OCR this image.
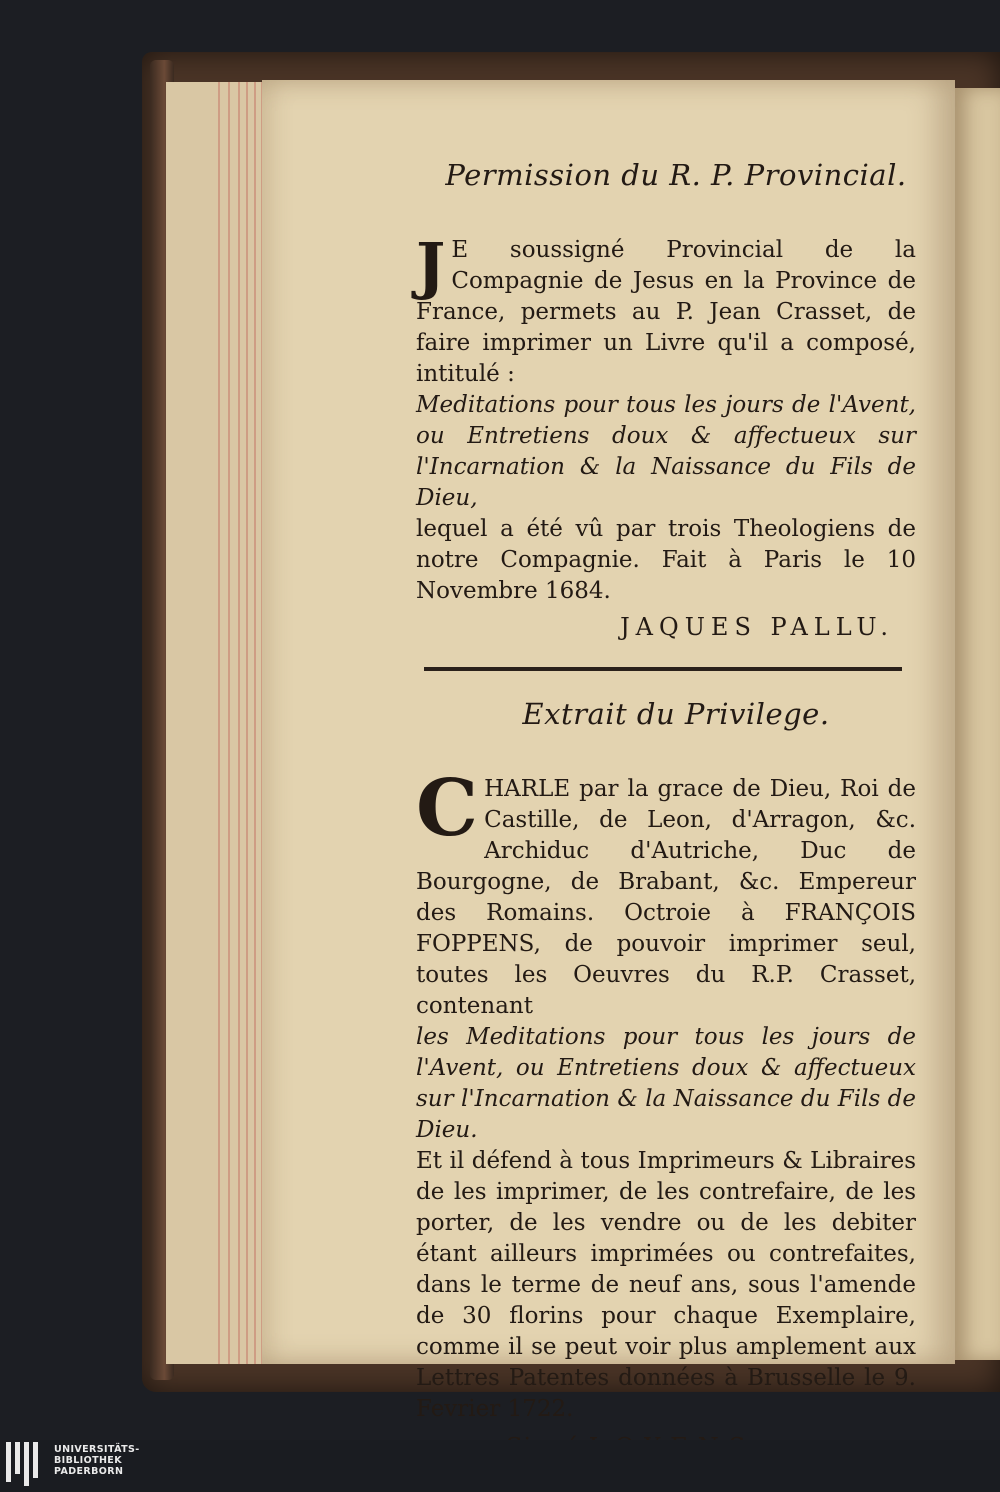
Permission du R. P. Provincial.

J E soussigné Provincial de la Compagnie de Jesus en la Province de France, permets au P. Jean Crasset, de faire imprimer un Livre qu'il a composé, intitulé :
Meditations pour tous les jours de l'Avent, ou Entretiens doux & affectueux sur l'Incarnation & la Naissance du Fils de Dieu,
lequel a été vû par trois Theologiens de notre Compagnie. Fait à Paris le 10 Novembre 1684.

JAQUES PALLU.
Extrait du Privilege.

CHARLE par la grace de Dieu, Roi de Castille, de Leon, d'Arragon, &c. Archiduc d'Autriche, Duc de Bourgogne, de Brabant, &c. Empereur des Romains. Octroie à FRANÇOIS FOPPENS, de pouvoir imprimer seul, toutes les Oeuvres du R.P. Crasset, contenant
les Meditations pour tous les jours de l'Avent, ou Entretiens doux & affectueux sur l'Incarnation & la Naissance du Fils de Dieu.
Et il défend à tous Imprimeurs & Libraires de les imprimer, de les contrefaire, de les porter, de les vendre ou de les debiter étant ailleurs imprimées ou contrefaites, dans le terme de neuf ans, sous l'amende de 30 florins pour chaque Exemplaire, comme il se peut voir plus amplement aux Lettres Patentes données à Brusselle le 9. Fevrier 1722.

UNIVERSITÄTS-
BIBLIOTHEK
PADERBORN
